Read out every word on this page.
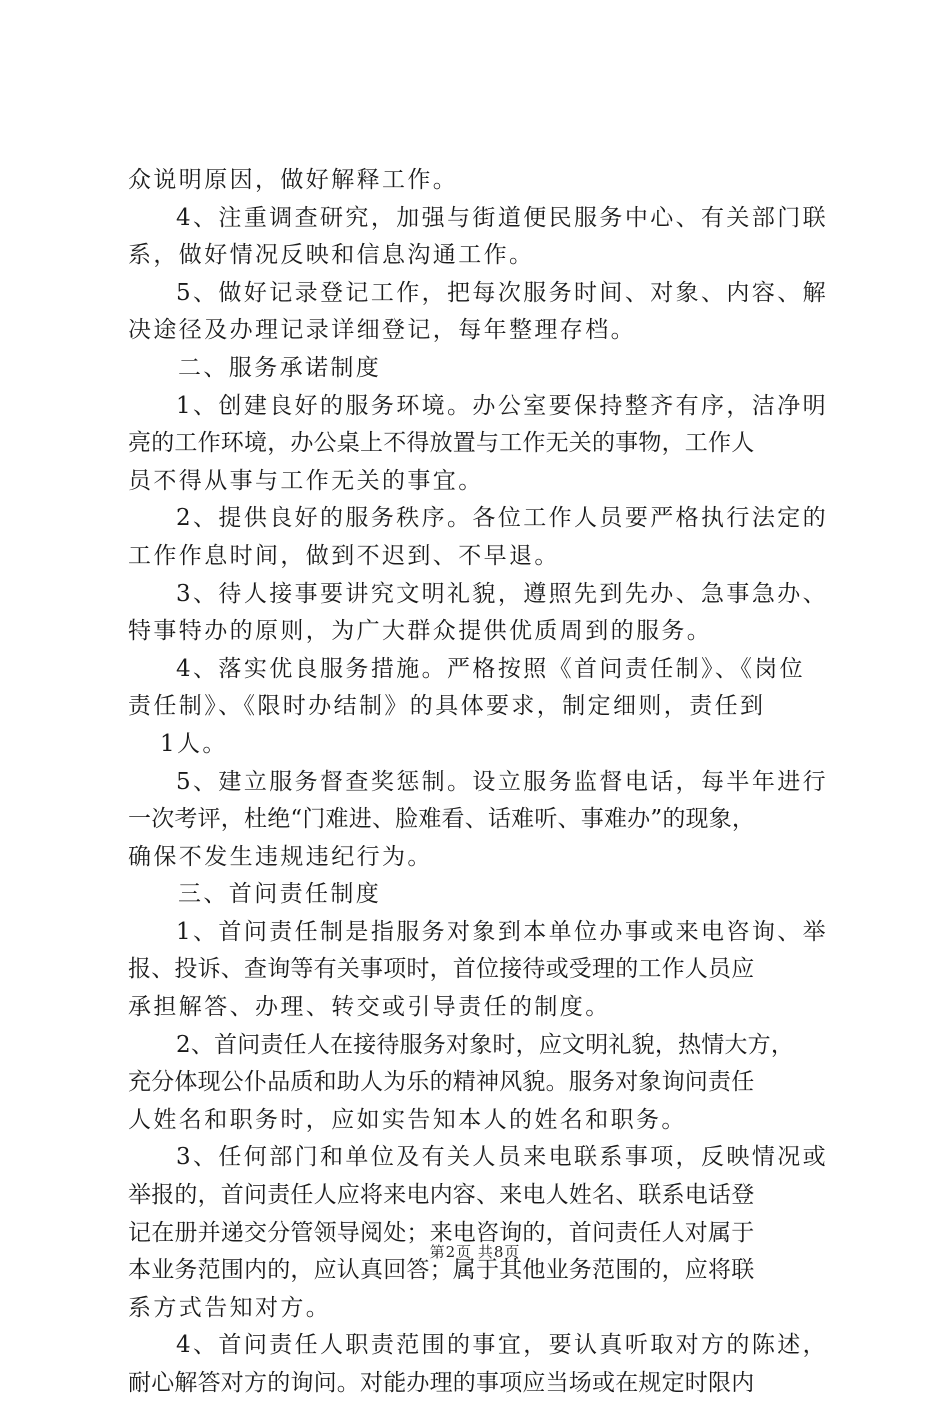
众说明原因，做好解释工作。
4、注重调查研究，加强与街道便民服务中心、有关部门联
系，做好情况反映和信息沟通工作。
5、做好记录登记工作，把每次服务时间、对象、内容、解
决途径及办理记录详细登记，每年整理存档。
二、服务承诺制度
1、创建良好的服务环境。办公室要保持整齐有序，洁净明
亮的工作环境，办公桌上不得放置与工作无关的事物，工作人
员不得从事与工作无关的事宜。
2、提供良好的服务秩序。各位工作人员要严格执行法定的
工作作息时间，做到不迟到、不早退。
3、待人接事要讲究文明礼貌，遵照先到先办、急事急办、
特事特办的原则，为广大群众提供优质周到的服务。
4、落实优良服务措施。严格按照《首问责任制》、《岗位
责任制》、《限时办结制》的具体要求，制定细则，责任到
1人。
5、建立服务督查奖惩制。设立服务监督电话，每半年进行
一次考评，杜绝“门难进、脸难看、话难听、事难办”的现象，
确保不发生违规违纪行为。
三、首问责任制度
1、首问责任制是指服务对象到本单位办事或来电咨询、举
报、投诉、查询等有关事项时，首位接待或受理的工作人员应
承担解答、办理、转交或引导责任的制度。
2、首问责任人在接待服务对象时，应文明礼貌，热情大方，
充分体现公仆品质和助人为乐的精神风貌。服务对象询问责任
人姓名和职务时，应如实告知本人的姓名和职务。
3、任何部门和单位及有关人员来电联系事项，反映情况或
举报的，首问责任人应将来电内容、来电人姓名、联系电话登
记在册并递交分管领导阅处；来电咨询的，首问责任人对属于
本业务范围内的，应认真回答；属于其他业务范围的，应将联
系方式告知对方。
4、首问责任人职责范围的事宜，要认真听取对方的陈述，
耐心解答对方的询问。对能办理的事项应当场或在规定时限内
第2页 共8页
